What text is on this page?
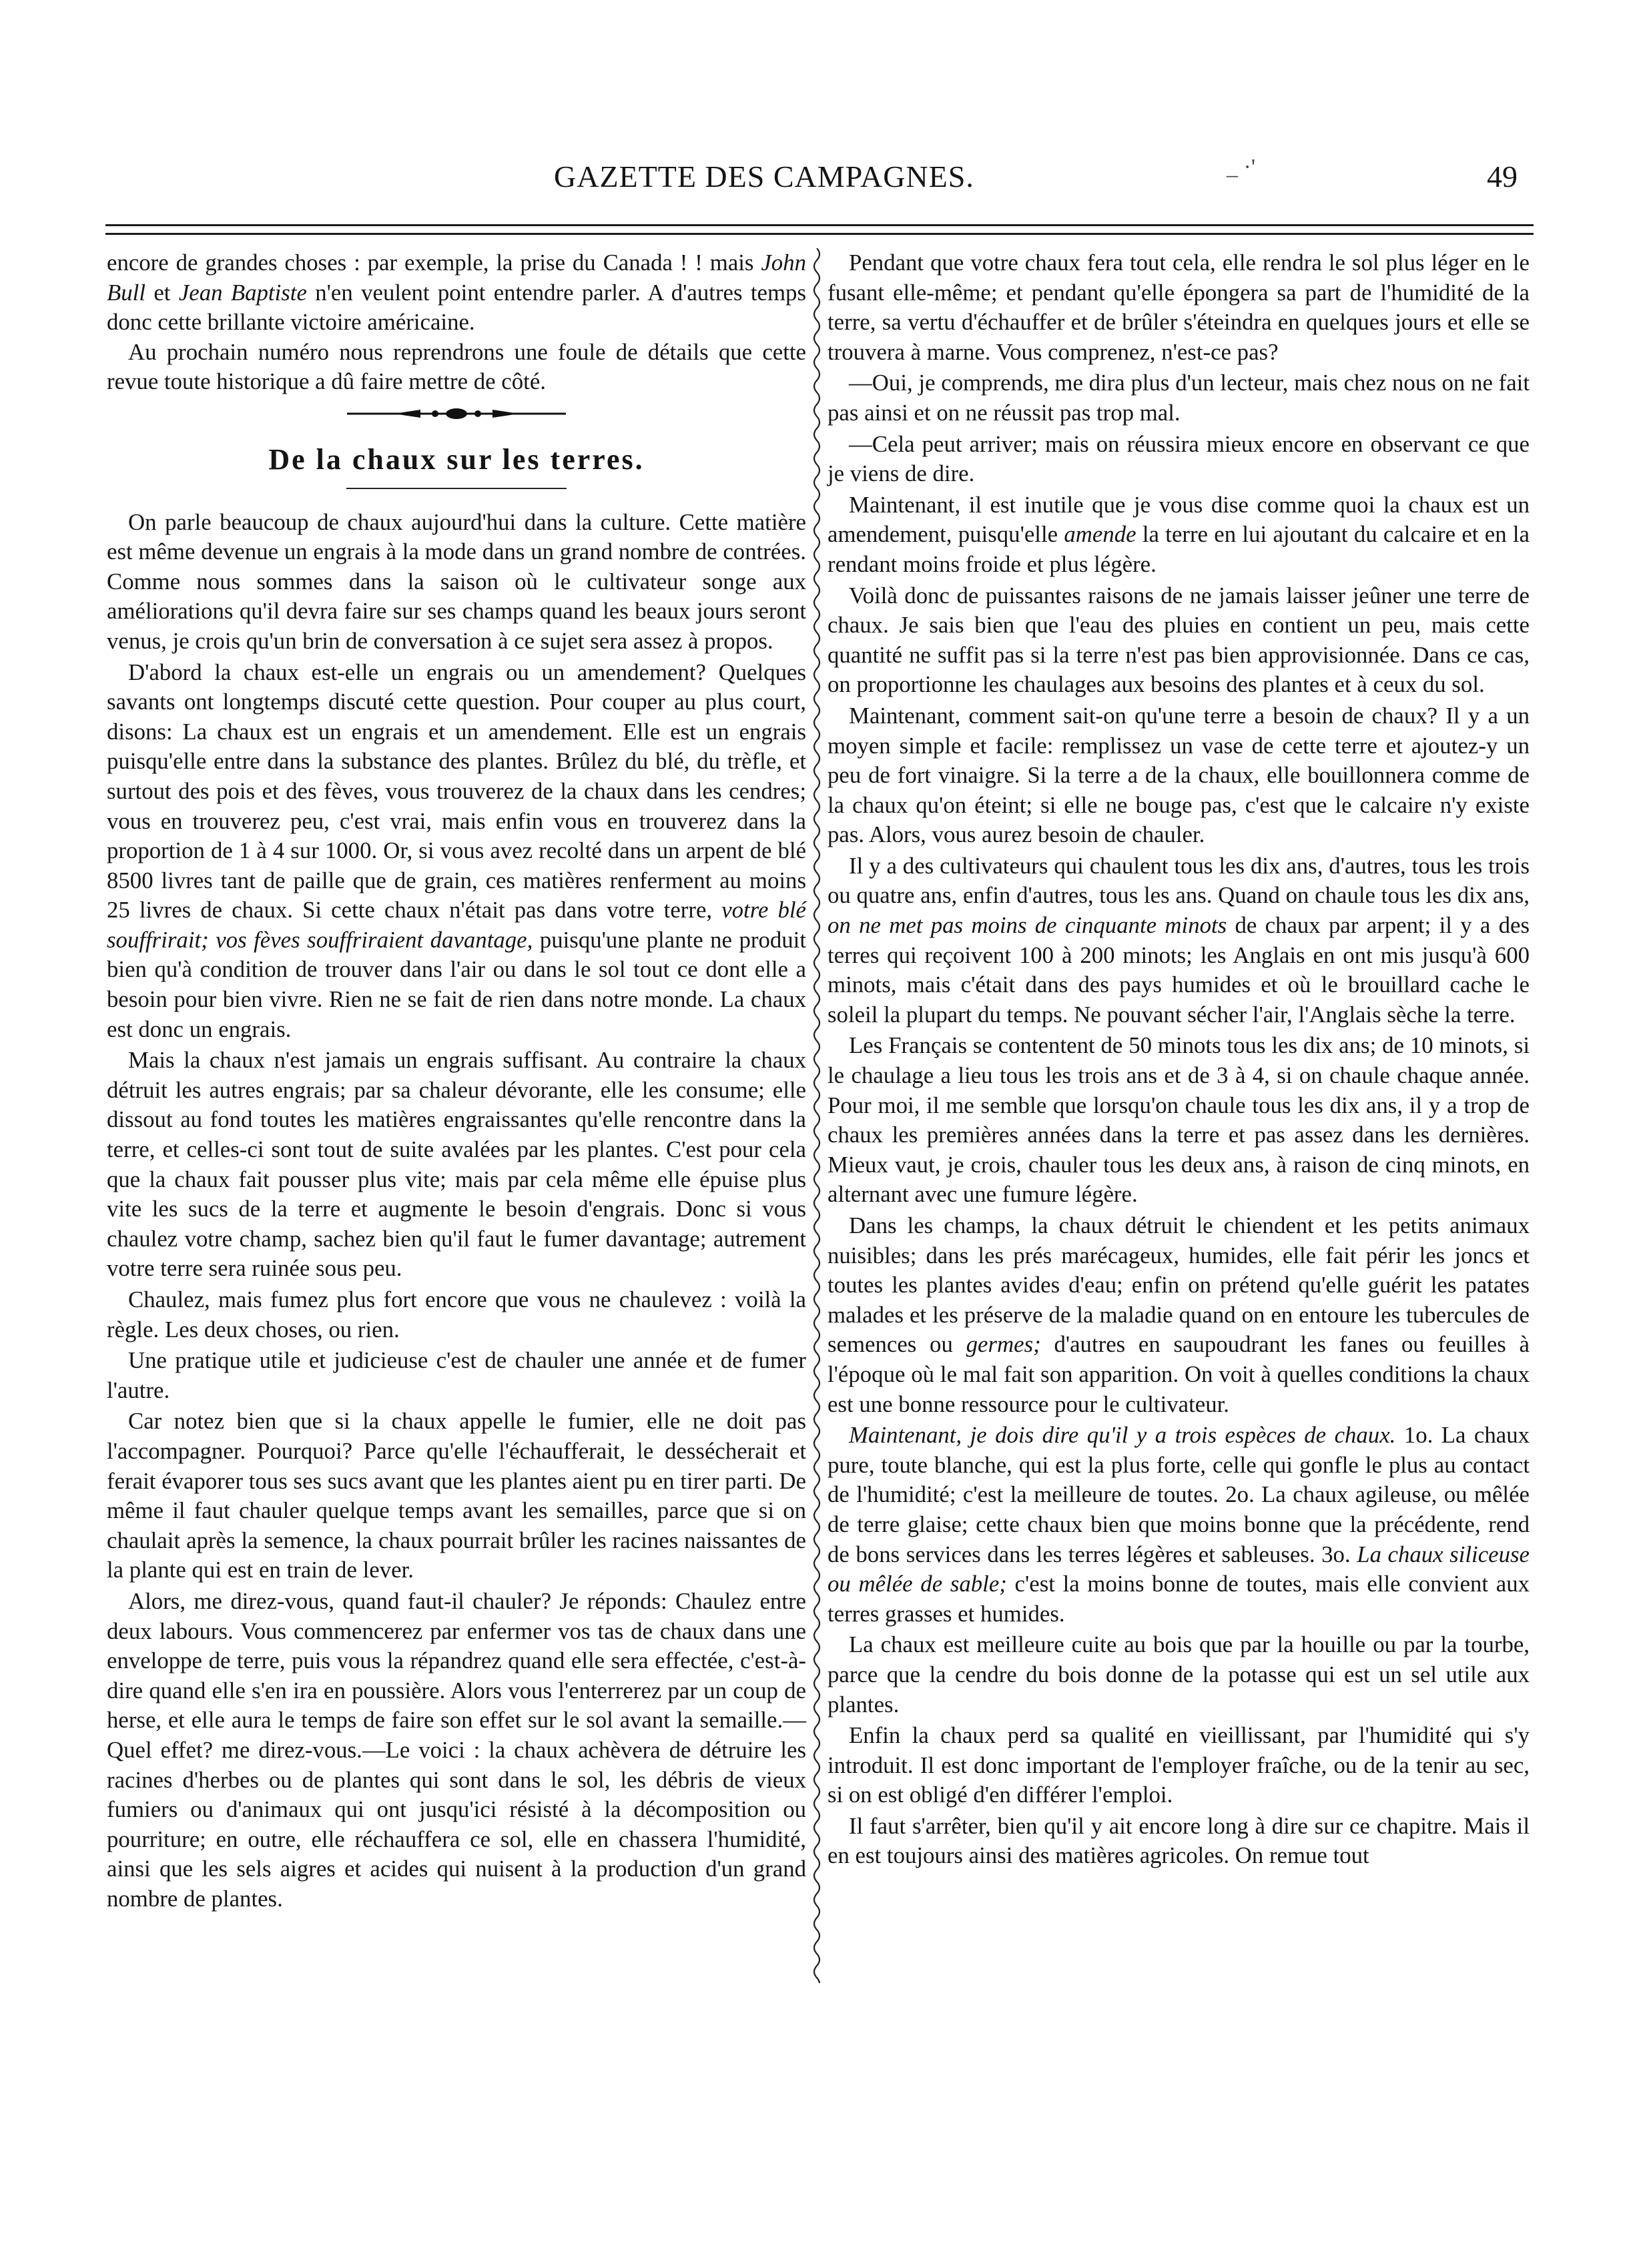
GAZETTE DES CAMPAGNES.	_ ·'	49

encore de grandes choses : par exemple, la prise du Canada ! ! mais John Bull et Jean Baptiste n'en veulent point entendre parler. A d'autres temps donc cette brillante victoire américaine.

Au prochain numéro nous reprendrons une foule de détails que cette revue toute historique a dû faire mettre de côté.

De la chaux sur les terres.

On parle beaucoup de chaux aujourd'hui dans la culture. Cette matière est même devenue un engrais à la mode dans un grand nombre de contrées. Comme nous sommes dans la saison où le cultivateur songe aux améliorations qu'il devra faire sur ses champs quand les beaux jours seront venus, je crois qu'un brin de conversation à ce sujet sera assez à propos.

D'abord la chaux est-elle un engrais ou un amendement? Quelques savants ont longtemps discuté cette question. Pour couper au plus court, disons: La chaux est un engrais et un amendement. Elle est un engrais puisqu'elle entre dans la substance des plantes. Brûlez du blé, du trèfle, et surtout des pois et des fèves, vous trouverez de la chaux dans les cendres; vous en trouverez peu, c'est vrai, mais enfin vous en trouverez dans la proportion de 1 à 4 sur 1000. Or, si vous avez recolté dans un arpent de blé 8500 livres tant de paille que de grain, ces matières renferment au moins 25 livres de chaux. Si cette chaux n'était pas dans votre terre, votre blé souffrirait; vos fèves souffriraient davantage, puisqu'une plante ne produit bien qu'à condition de trouver dans l'air ou dans le sol tout ce dont elle a besoin pour bien vivre. Rien ne se fait de rien dans notre monde. La chaux est donc un engrais.

Mais la chaux n'est jamais un engrais suffisant. Au contraire la chaux détruit les autres engrais; par sa chaleur dévorante, elle les consume; elle dissout au fond toutes les matières engraissantes qu'elle rencontre dans la terre, et celles-ci sont tout de suite avalées par les plantes. C'est pour cela que la chaux fait pousser plus vite; mais par cela même elle épuise plus vite les sucs de la terre et augmente le besoin d'engrais. Donc si vous chaulez votre champ, sachez bien qu'il faut le fumer davantage; autrement votre terre sera ruinée sous peu.

Chaulez, mais fumez plus fort encore que vous ne chaulevez : voilà la règle. Les deux choses, ou rien.

Une pratique utile et judicieuse c'est de chauler une année et de fumer l'autre.

Car notez bien que si la chaux appelle le fumier, elle ne doit pas l'accompagner. Pourquoi? Parce qu'elle l'échaufferait, le dessécherait et ferait évaporer tous ses sucs avant que les plantes aient pu en tirer parti. De même il faut chauler quelque temps avant les semailles, parce que si on chaulait après la semence, la chaux pourrait brûler les racines naissantes de la plante qui est en train de lever.

Alors, me direz-vous, quand faut-il chauler? Je réponds: Chaulez entre deux labours. Vous commencerez par enfermer vos tas de chaux dans une enveloppe de terre, puis vous la répandrez quand elle sera effectée, c'est-à-dire quand elle s'en ira en poussière. Alors vous l'enterrerez par un coup de herse, et elle aura le temps de faire son effet sur le sol avant la semaille.—Quel effet? me direz-vous.—Le voici : la chaux achèvera de détruire les racines d'herbes ou de plantes qui sont dans le sol, les débris de vieux fumiers ou d'animaux qui ont jusqu'ici résisté à la décomposition ou pourriture; en outre, elle réchauffera ce sol, elle en chassera l'humidité, ainsi que les sels aigres et acides qui nuisent à la production d'un grand nombre de plantes.

Pendant que votre chaux fera tout cela, elle rendra le sol plus léger en le fusant elle-même; et pendant qu'elle épongera sa part de l'humidité de la terre, sa vertu d'échauffer et de brûler s'éteindra en quelques jours et elle se trouvera à marne. Vous comprenez, n'est-ce pas?

—Oui, je comprends, me dira plus d'un lecteur, mais chez nous on ne fait pas ainsi et on ne réussit pas trop mal.

—Cela peut arriver; mais on réussira mieux encore en observant ce que je viens de dire.

Maintenant, il est inutile que je vous dise comme quoi la chaux est un amendement, puisqu'elle amende la terre en lui ajoutant du calcaire et en la rendant moins froide et plus légère.

Voilà donc de puissantes raisons de ne jamais laisser jeûner une terre de chaux. Je sais bien que l'eau des pluies en contient un peu, mais cette quantité ne suffit pas si la terre n'est pas bien approvisionnée. Dans ce cas, on proportionne les chaulages aux besoins des plantes et à ceux du sol.

Maintenant, comment sait-on qu'une terre a besoin de chaux? Il y a un moyen simple et facile: remplissez un vase de cette terre et ajoutez-y un peu de fort vinaigre. Si la terre a de la chaux, elle bouillonnera comme de la chaux qu'on éteint; si elle ne bouge pas, c'est que le calcaire n'y existe pas. Alors, vous aurez besoin de chauler.

Il y a des cultivateurs qui chaulent tous les dix ans, d'autres, tous les trois ou quatre ans, enfin d'autres, tous les ans. Quand on chaule tous les dix ans, on ne met pas moins de cinquante minots de chaux par arpent; il y a des terres qui reçoivent 100 à 200 minots; les Anglais en ont mis jusqu'à 600 minots, mais c'était dans des pays humides et où le brouillard cache le soleil la plupart du temps. Ne pouvant sécher l'air, l'Anglais sèche la terre.

Les Français se contentent de 50 minots tous les dix ans; de 10 minots, si le chaulage a lieu tous les trois ans et de 3 à 4, si on chaule chaque année. Pour moi, il me semble que lorsqu'on chaule tous les dix ans, il y a trop de chaux les premières années dans la terre et pas assez dans les dernières. Mieux vaut, je crois, chauler tous les deux ans, à raison de cinq minots, en alternant avec une fumure légère.

Dans les champs, la chaux détruit le chiendent et les petits animaux nuisibles; dans les prés marécageux, humides, elle fait périr les joncs et toutes les plantes avides d'eau; enfin on prétend qu'elle guérit les patates malades et les préserve de la maladie quand on en entoure les tubercules de semences ou germes; d'autres en saupoudrant les fanes ou feuilles à l'époque où le mal fait son apparition. On voit à quelles conditions la chaux est une bonne ressource pour le cultivateur.

Maintenant, je dois dire qu'il y a trois espèces de chaux. 1o. La chaux pure, toute blanche, qui est la plus forte, celle qui gonfle le plus au contact de l'humidité; c'est la meilleure de toutes. 2o. La chaux agileuse, ou mêlée de terre glaise; cette chaux bien que moins bonne que la précédente, rend de bons services dans les terres légères et sableuses. 3o. La chaux siliceuse ou mêlée de sable; c'est la moins bonne de toutes, mais elle convient aux terres grasses et humides.

La chaux est meilleure cuite au bois que par la houille ou par la tourbe, parce que la cendre du bois donne de la potasse qui est un sel utile aux plantes.

Enfin la chaux perd sa qualité en vieillissant, par l'humidité qui s'y introduit. Il est donc important de l'employer fraîche, ou de la tenir au sec, si on est obligé d'en différer l'emploi.

Il faut s'arrêter, bien qu'il y ait encore long à dire sur ce chapitre. Mais il en est toujours ainsi des matières agricoles. On remue tout
